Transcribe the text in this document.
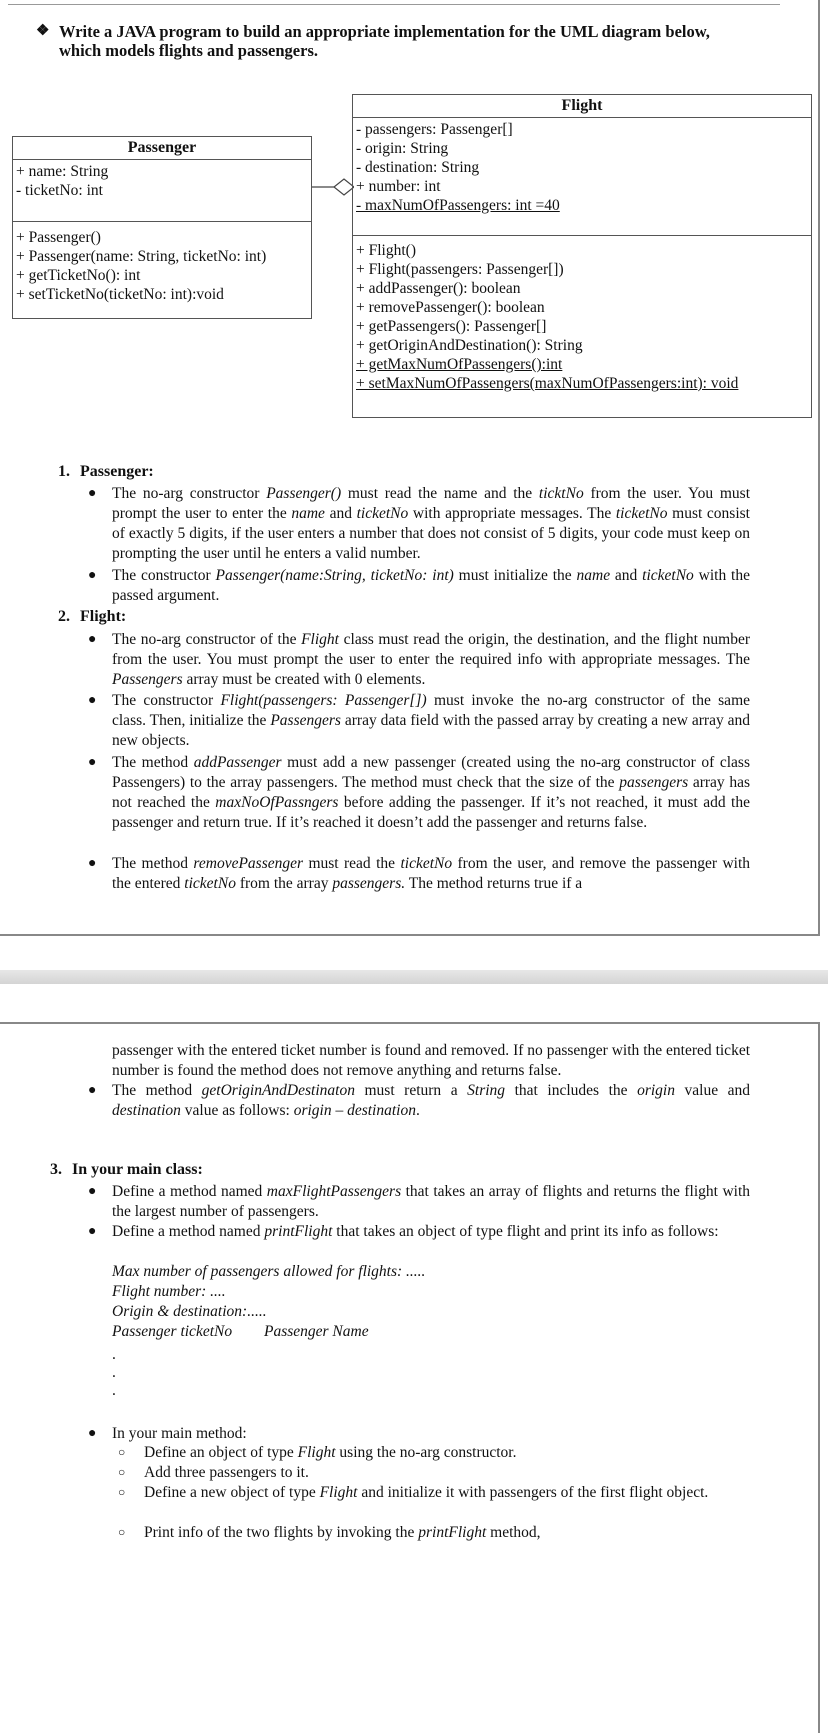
❖ Write a JAVA program to build an appropriate implementation for the UML diagram below,
which models flights and passengers.
Passenger
+ name: String
- ticketNo: int
+ Passenger()
+ Passenger(name: String, ticketNo: int)
+ getTicketNo(): int
+ setTicketNo(ticketNo: int):void
Flight
- passengers: Passenger[]
- origin: String
- destination: String
+ number: int
- maxNumOfPassengers: int =40
+ Flight()
+ Flight(passengers: Passenger[])
+ addPassenger(): boolean
+ removePassenger(): boolean
+ getPassengers(): Passenger[]
+ getOriginAndDestination(): String
+ getMaxNumOfPassengers():int
+ setMaxNumOfPassengers(maxNumOfPassengers:int): void
1. Passenger:
● The no-arg constructor Passenger() must read the name and the ticktNo from the user. You must prompt the user to enter the name and ticketNo with appropriate messages. The ticketNo must consist of exactly 5 digits, if the user enters a number that does not consist of 5 digits, your code must keep on prompting the user until he enters a valid number.
● The constructor Passenger(name:String, ticketNo: int) must initialize the name and ticketNo with the passed argument.
2. Flight:
● The no-arg constructor of the Flight class must read the origin, the destination, and the flight number from the user. You must prompt the user to enter the required info with appropriate messages. The Passengers array must be created with 0 elements.
● The constructor Flight(passengers: Passenger[]) must invoke the no-arg constructor of the same class. Then, initialize the Passengers array data field with the passed array by creating a new array and new objects.
● The method addPassenger must add a new passenger (created using the no-arg constructor of class Passengers) to the array passengers. The method must check that the size of the passengers array has not reached the maxNoOfPassngers before adding the passenger. If it’s not reached, it must add the passenger and return true. If it’s reached it doesn’t add the passenger and returns false.
● The method removePassenger must read the ticketNo from the user, and remove the passenger with the entered ticketNo from the array passengers. The method returns true if a
passenger with the entered ticket number is found and removed. If no passenger with the entered ticket number is found the method does not remove anything and returns false.
● The method getOriginAndDestinaton must return a String that includes the origin value and destination value as follows: origin – destination.
3. In your main class:
● Define a method named maxFlightPassengers that takes an array of flights and returns the flight with the largest number of passengers.
● Define a method named printFlight that takes an object of type flight and print its info as follows:
Max number of passengers allowed for flights: .....
Flight number: ....
Origin & destination:.....
Passenger ticketNo Passenger Name
.
.
.
● In your main method:
○ Define an object of type Flight using the no-arg constructor.
○ Add three passengers to it.
○ Define a new object of type Flight and initialize it with passengers of the first flight object.
○ Print info of the two flights by invoking the printFlight method,
